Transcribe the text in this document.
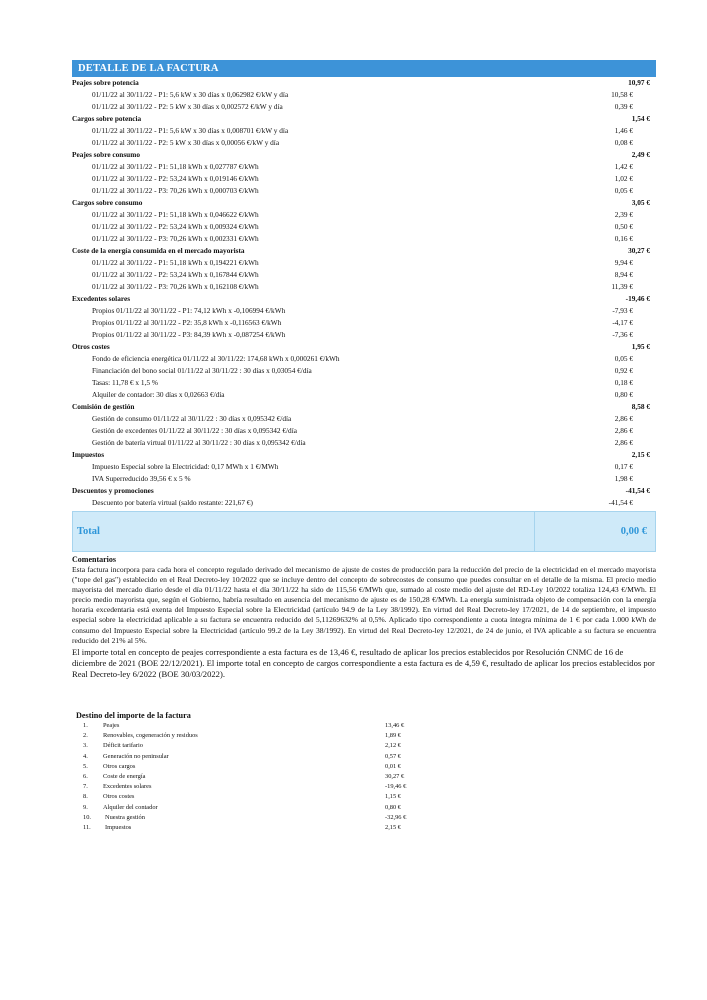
DETALLE DE LA FACTURA
Peajes sobre potencia	10,97 €
01/11/22 al 30/11/22 - P1: 5,6 kW x 30 días x 0,062982 €/kW y día	10,58 €
01/11/22 al 30/11/22 - P2: 5 kW x 30 días x 0,002572 €/kW y día	0,39 €
Cargos sobre potencia	1,54 €
01/11/22 al 30/11/22 - P1: 5,6 kW x 30 días x 0,008701 €/kW y día	1,46 €
01/11/22 al 30/11/22 - P2: 5 kW x 30 días x 0,00056 €/kW y día	0,08 €
Peajes sobre consumo	2,49 €
01/11/22 al 30/11/22 - P1: 51,18 kWh x 0,027787 €/kWh	1,42 €
01/11/22 al 30/11/22 - P2: 53,24 kWh x 0,019146 €/kWh	1,02 €
01/11/22 al 30/11/22 - P3: 70,26 kWh x 0,000703 €/kWh	0,05 €
Cargos sobre consumo	3,05 €
01/11/22 al 30/11/22 - P1: 51,18 kWh x 0,046622 €/kWh	2,39 €
01/11/22 al 30/11/22 - P2: 53,24 kWh x 0,009324 €/kWh	0,50 €
01/11/22 al 30/11/22 - P3: 70,26 kWh x 0,002331 €/kWh	0,16 €
Coste de la energía consumida en el mercado mayorista	30,27 €
01/11/22 al 30/11/22 - P1: 51,18 kWh x 0,194221 €/kWh	9,94 €
01/11/22 al 30/11/22 - P2: 53,24 kWh x 0,167844 €/kWh	8,94 €
01/11/22 al 30/11/22 - P3: 70,26 kWh x 0,162108 €/kWh	11,39 €
Excedentes solares	-19,46 €
Propios 01/11/22 al 30/11/22 - P1: 74,12 kWh x -0,106994 €/kWh	-7,93 €
Propios 01/11/22 al 30/11/22 - P2: 35,8 kWh x -0,116563 €/kWh	-4,17 €
Propios 01/11/22 al 30/11/22 - P3: 84,39 kWh x -0,087254 €/kWh	-7,36 €
Otros costes	1,95 €
Fondo de eficiencia energética 01/11/22 al 30/11/22: 174,68 kWh x 0,000261 €/kWh	0,05 €
Financiación del bono social 01/11/22 al 30/11/22 : 30 días x 0,03054 €/día	0,92 €
Tasas: 11,78 € x 1,5 %	0,18 €
Alquiler de contador: 30 días x 0,02663 €/día	0,80 €
Comisión de gestión	8,58 €
Gestión de consumo 01/11/22 al 30/11/22 : 30 días x 0,095342 €/día	2,86 €
Gestión de excedentes 01/11/22 al 30/11/22 : 30 días x 0,095342 €/día	2,86 €
Gestión de batería virtual 01/11/22 al 30/11/22 : 30 días x 0,095342 €/día	2,86 €
Impuestos	2,15 €
Impuesto Especial sobre la Electricidad: 0,17 MWh x 1 €/MWh	0,17 €
IVA Superreducido 39,56 € x 5 %	1,98 €
Descuentos y promociones	-41,54 €
Descuento por batería virtual (saldo restante: 221,67 €)	-41,54 €
Total	0,00 €
Comentarios
Esta factura incorpora para cada hora el concepto regulado derivado del mecanismo de ajuste de costes de producción para la reducción del precio de la electricidad en el mercado mayorista ("tope del gas") establecido en el Real Decreto-ley 10/2022 que se incluye dentro del concepto de sobrecostes de consumo que puedes consultar en el detalle de la misma. El precio medio mayorista del mercado diario desde el día 01/11/22 hasta el día 30/11/22 ha sido de 115,56 €/MWh que, sumado al coste medio del ajuste del RD-Ley 10/2022 totaliza 124,43 €/MWh. El precio medio mayorista que, según el Gobierno, habría resultado en ausencia del mecanismo de ajuste es de 150,28 €/MWh. La energía suministrada objeto de compensación con la energía horaria excedentaria está exenta del Impuesto Especial sobre la Electricidad (artículo 94.9 de la Ley 38/1992). En virtud del Real Decreto-ley 17/2021, de 14 de septiembre, el impuesto especial sobre la electricidad aplicable a su factura se encuentra reducido del 5,11269632% al 0,5%. Aplicado tipo correspondiente a cuota íntegra mínima de 1 € por cada 1.000 kWh de consumo del Impuesto Especial sobre la Electricidad (artículo 99.2 de la Ley 38/1992). En virtud del Real Decreto-ley 12/2021, de 24 de junio, el IVA aplicable a su factura se encuentra reducido del 21% al 5%.
El importe total en concepto de peajes correspondiente a esta factura es de 13,46 €, resultado de aplicar los precios establecidos por Resolución CNMC de 16 de diciembre de 2021 (BOE 22/12/2021). El importe total en concepto de cargos correspondiente a esta factura es de 4,59 €, resultado de aplicar los precios establecidos por Real Decreto-ley 6/2022 (BOE 30/03/2022).
Destino del importe de la factura
1. Peajes	13,46 €
2. Renovables, cogeneración y residuos	1,89 €
3. Déficit tarifario	2,12 €
4. Generación no peninsular	0,57 €
5. Otros cargos	0,01 €
6. Coste de energía	30,27 €
7. Excedentes solares	-19,46 €
8. Otros costes	1,15 €
9. Alquiler del contador	0,80 €
10. Nuestra gestión	-32,96 €
11. Impuestos	2,15 €
